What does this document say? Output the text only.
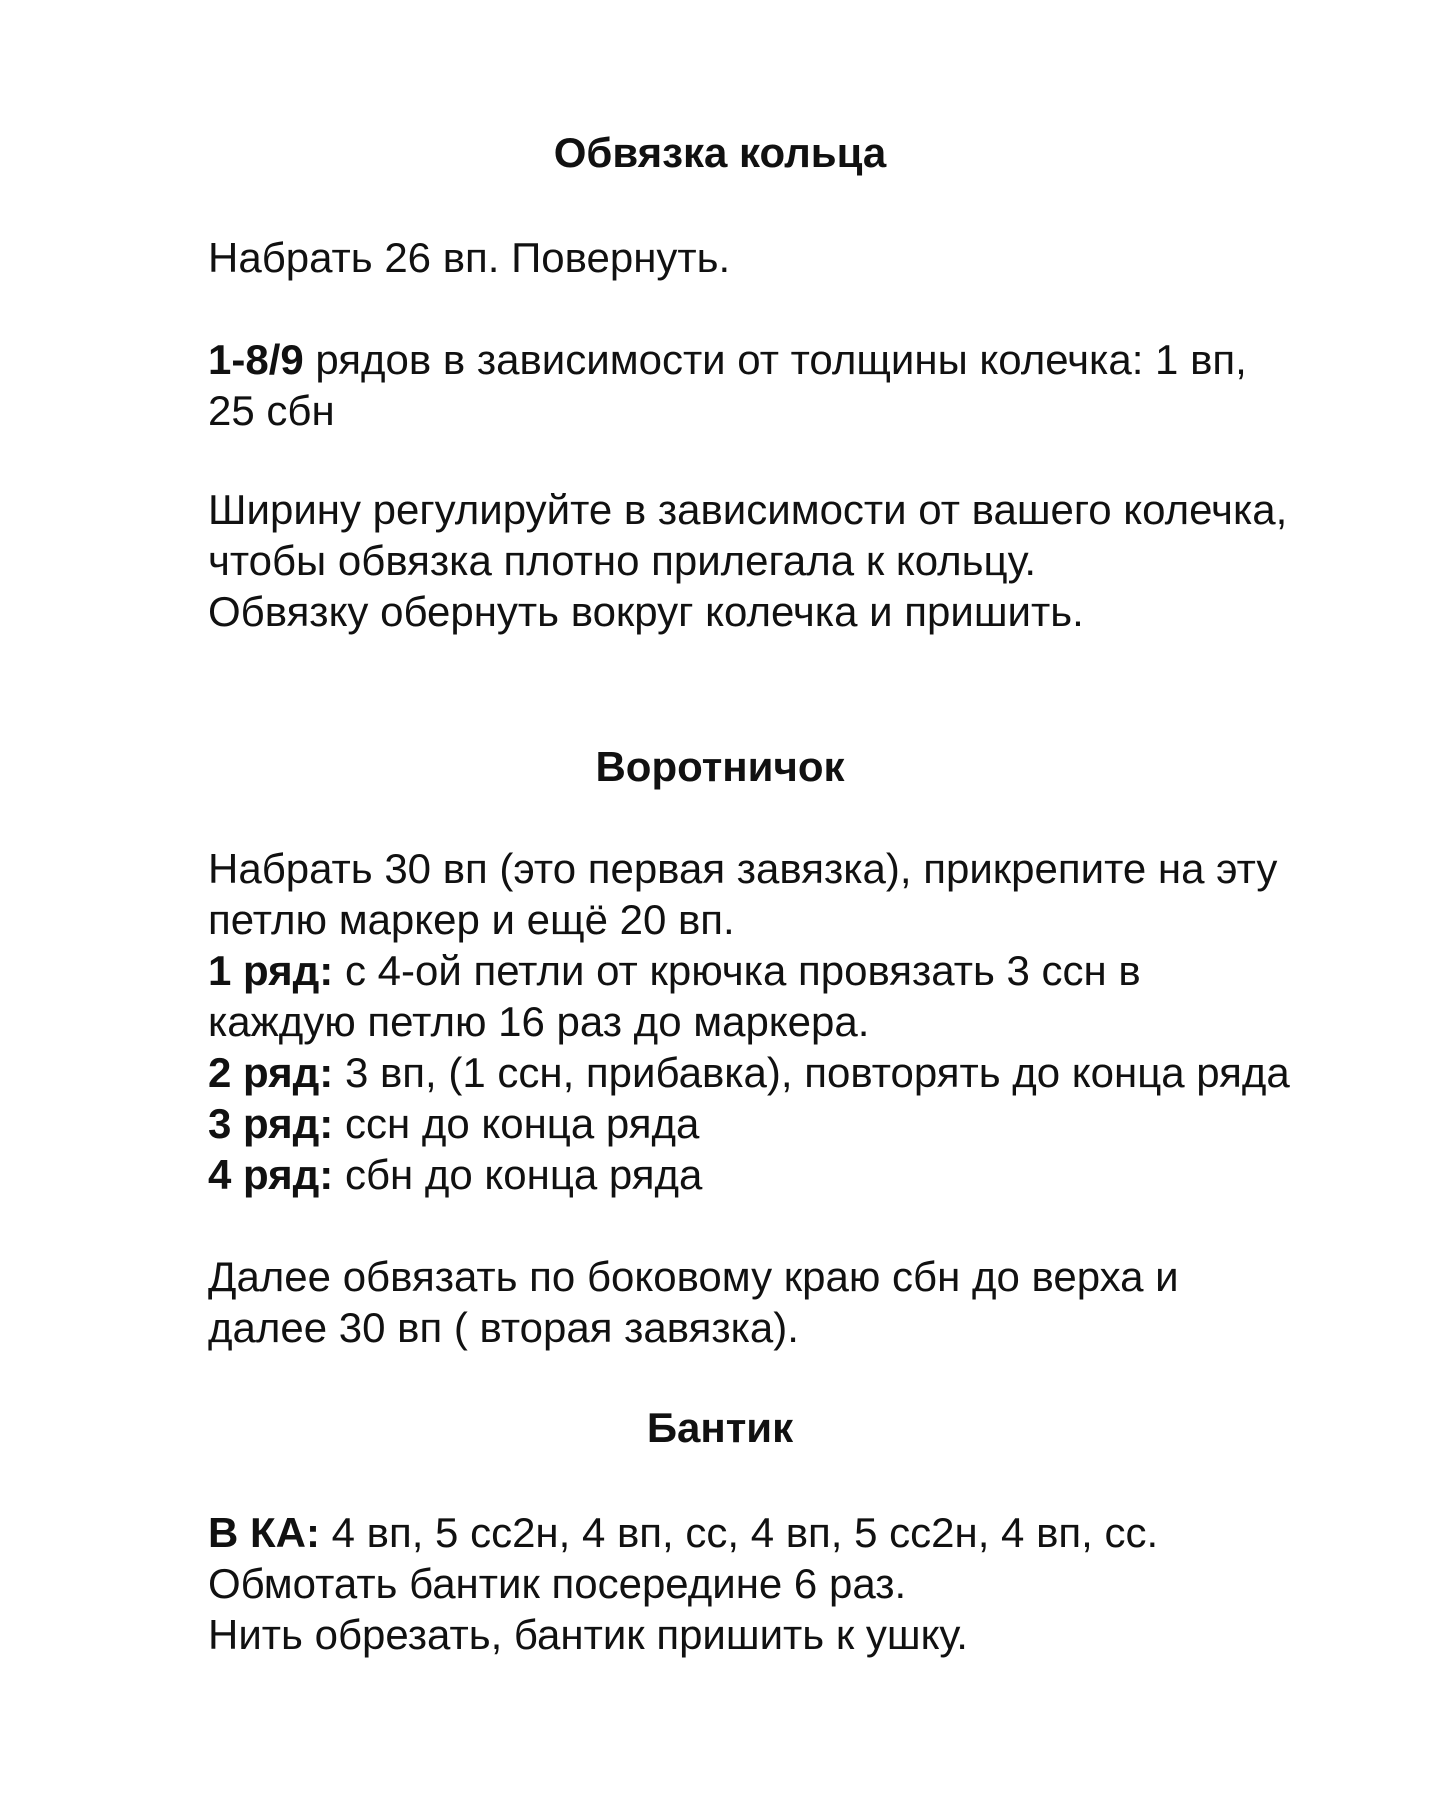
Обвязка кольца

Набрать 26 вп. Повернуть.

1-8/9 рядов в зависимости от толщины колечка: 1 вп,
25 сбн

Ширину регулируйте в зависимости от вашего колечка,
чтобы обвязка плотно прилегала к кольцу.
Обвязку обернуть вокруг колечка и пришить.

Воротничок

Набрать 30 вп (это первая завязка), прикрепите на эту
петлю маркер и ещё 20 вп.

1 ряд: с 4-ой петли от крючка провязать 3 ссн в
каждую петлю 16 раз до маркера.
2 ряд: 3 вп, (1 ссн, прибавка), повторять до конца ряда
3 ряд: ссн до конца ряда
4 ряд: сбн до конца ряда

Далее обвязать по боковому краю сбн до верха и
далее 30 вп ( вторая завязка).

Бантик

В КА: 4 вп, 5 сс2н, 4 вп, сс, 4 вп, 5 сс2н, 4 вп, сс.
Обмотать бантик посередине 6 раз.
Нить обрезать, бантик пришить к ушку.
